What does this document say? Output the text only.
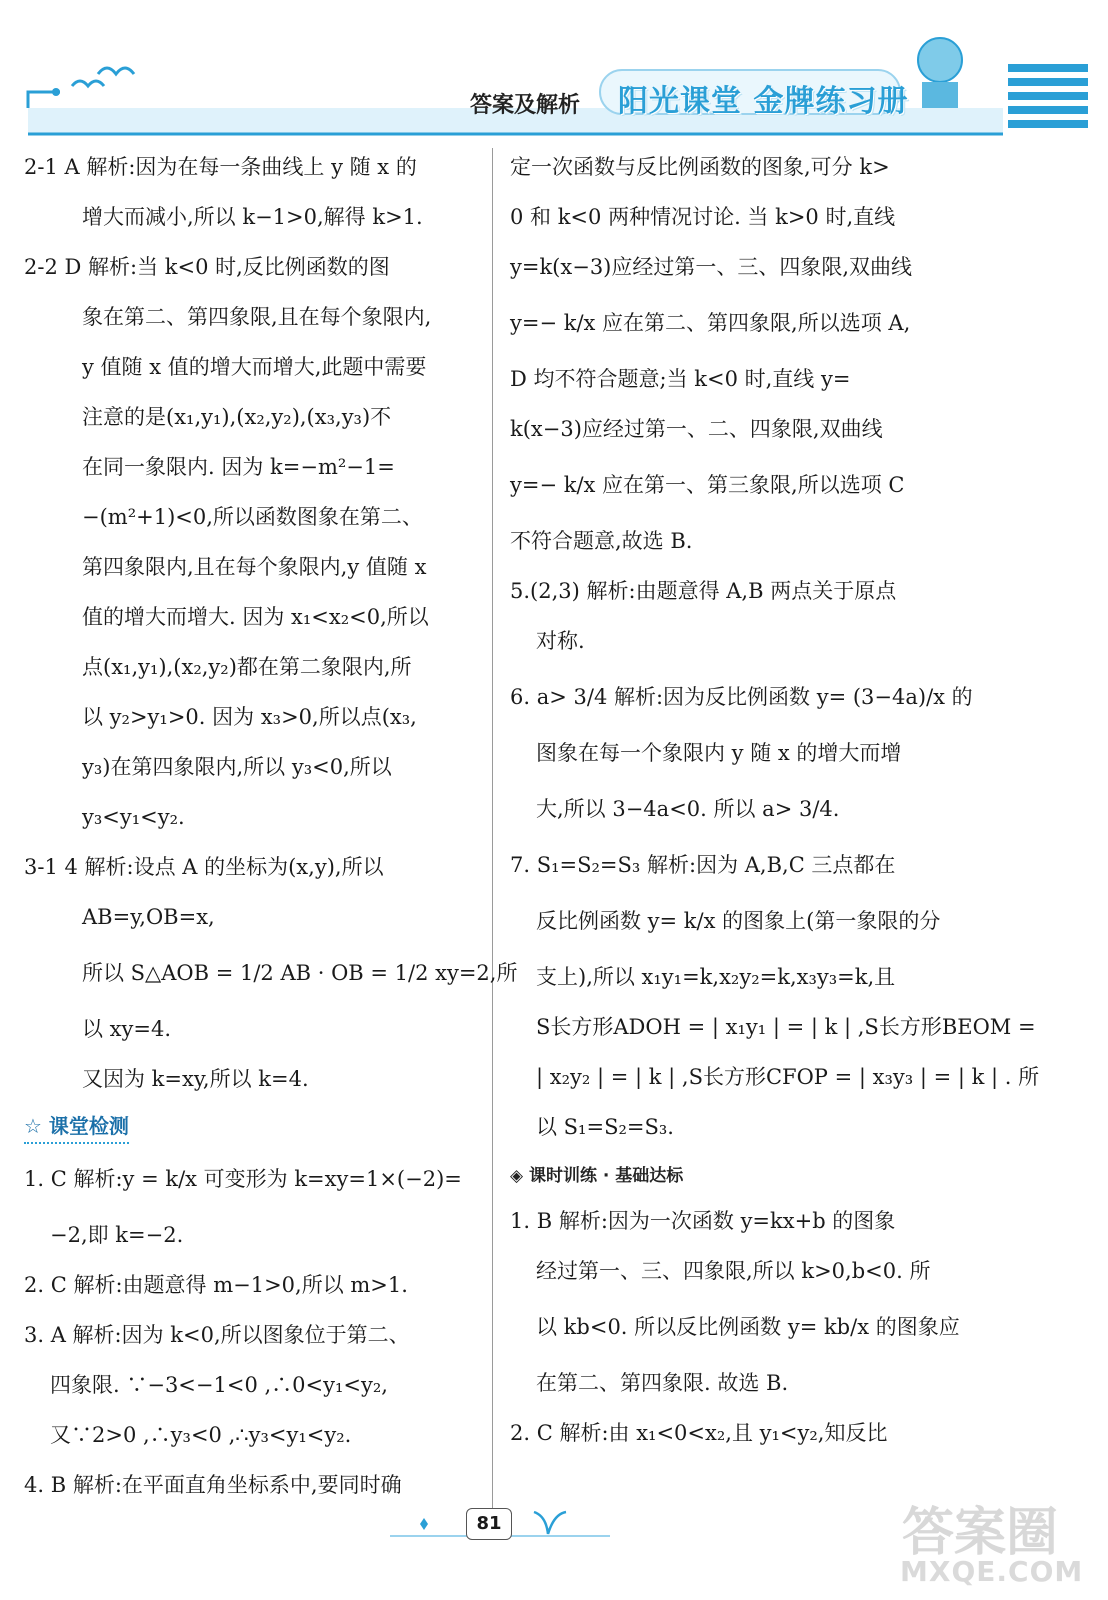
答案及解析 阳光课堂 金牌练习册
2-1 A 解析:因为在每一条曲线上 y 随 x 的
增大而减小,所以 k−1>0,解得 k>1.
2-2 D 解析:当 k<0 时,反比例函数的图
象在第二、第四象限,且在每个象限内,
y 值随 x 值的增大而增大,此题中需要
注意的是(x₁,y₁),(x₂,y₂),(x₃,y₃)不
在同一象限内. 因为 k=−m²−1=
−(m²+1)<0,所以函数图象在第二、
第四象限内,且在每个象限内,y 值随 x
值的增大而增大. 因为 x₁<x₂<0,所以
点(x₁,y₁),(x₂,y₂)都在第二象限内,所
以 y₂>y₁>0. 因为 x₃>0,所以点(x₃,
y₃)在第四象限内,所以 y₃<0,所以
y₃<y₁<y₂.
3-1 4 解析:设点 A 的坐标为(x,y),所以
AB=y,OB=x,
所以 S△AOB = 1/2 AB · OB = 1/2 xy=2,所
以 xy=4.
又因为 k=xy,所以 k=4.
☆ 课堂检测
1. C 解析:y = k/x 可变形为 k=xy=1×(−2)=
−2,即 k=−2.
2. C 解析:由题意得 m−1>0,所以 m>1.
3. A 解析:因为 k<0,所以图象位于第二、
四象限. ∵−3<−1<0 ,∴0<y₁<y₂,
又∵2>0 ,∴y₃<0 ,∴y₃<y₁<y₂.
4. B 解析:在平面直角坐标系中,要同时确
定一次函数与反比例函数的图象,可分 k>
0 和 k<0 两种情况讨论. 当 k>0 时,直线
y=k(x−3)应经过第一、三、四象限,双曲线
y=− k/x 应在第二、第四象限,所以选项 A,
D 均不符合题意;当 k<0 时,直线 y=
k(x−3)应经过第一、二、四象限,双曲线
y=− k/x 应在第一、第三象限,所以选项 C
不符合题意,故选 B.
5.(2,3) 解析:由题意得 A,B 两点关于原点
对称.
6. a> 3/4 解析:因为反比例函数 y= (3−4a)/x 的
图象在每一个象限内 y 随 x 的增大而增
大,所以 3−4a<0. 所以 a> 3/4.
7. S₁=S₂=S₃ 解析:因为 A,B,C 三点都在
反比例函数 y= k/x 的图象上(第一象限的分
支上),所以 x₁y₁=k,x₂y₂=k,x₃y₃=k,且
S长方形ADOH = | x₁y₁ | = | k | ,S长方形BEOM =
| x₂y₂ | = | k | ,S长方形CFOP = | x₃y₃ | = | k | . 所
以 S₁=S₂=S₃.
◈ 课时训练 · 基础达标
1. B 解析:因为一次函数 y=kx+b 的图象
经过第一、三、四象限,所以 k>0,b<0. 所
以 kb<0. 所以反比例函数 y= kb/x 的图象应
在第二、第四象限. 故选 B.
2. C 解析:由 x₁<0<x₂,且 y₁<y₂,知反比
81	答案圈
MXQE.COM
